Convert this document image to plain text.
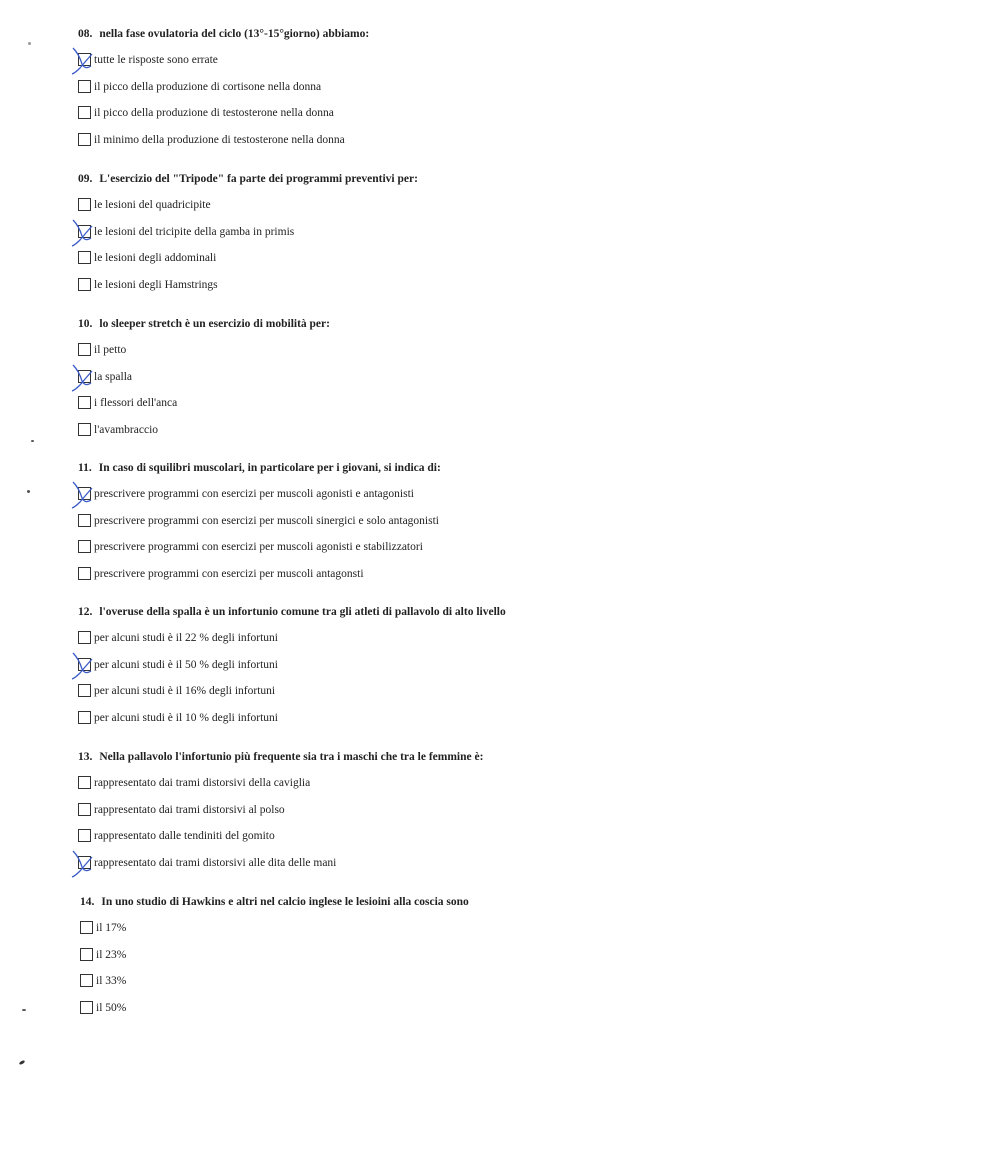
08. nella fase ovulatoria del ciclo (13°-15°giorno) abbiamo:
tutte le risposte sono errate
il picco della produzione di cortisone nella donna
il picco della produzione di testosterone nella donna
il minimo della produzione di testosterone nella donna
09. L'esercizio del "Tripode" fa parte dei programmi preventivi per:
le lesioni del quadricipite
le lesioni del tricipite della gamba in primis
le lesioni degli addominali
le lesioni degli Hamstrings
10. lo sleeper stretch è un esercizio di mobilità per:
il petto
la spalla
i flessori dell'anca
l'avambraccio
11. In caso di squilibri muscolari, in particolare per i giovani, si indica di:
prescrivere programmi con esercizi per muscoli agonisti e antagonisti
prescrivere programmi con esercizi per muscoli sinergici e solo antagonisti
prescrivere programmi con esercizi per muscoli agonisti e stabilizzatori
prescrivere programmi con esercizi per muscoli antagonsti
12. l'overuse della spalla è un infortunio comune tra gli atleti di pallavolo di alto livello
per alcuni studi è il 22 % degli infortuni
per alcuni studi è il 50 % degli infortuni
per alcuni studi è il 16% degli infortuni
per alcuni studi è il 10 % degli infortuni
13. Nella pallavolo l'infortunio più frequente sia tra i maschi che tra le femmine è:
rappresentato dai trami distorsivi della caviglia
rappresentato dai trami distorsivi al polso
rappresentato dalle tendiniti del gomito
rappresentato dai trami distorsivi alle dita delle mani
14. In uno studio di Hawkins e altri nel calcio inglese le lesioini alla coscia sono
il 17%
il 23%
il 33%
il 50%
